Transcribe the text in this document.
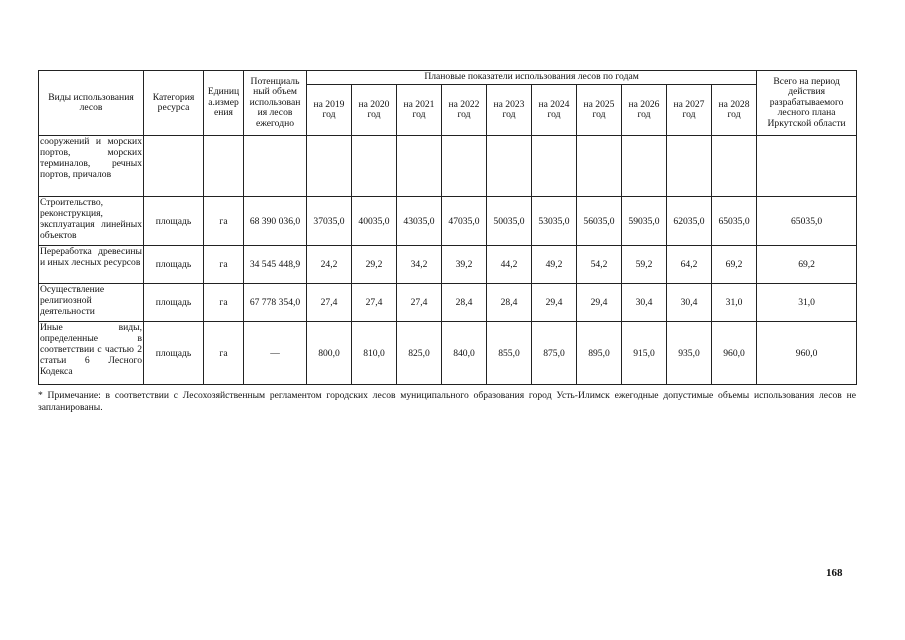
Виды использования лесов	Категория ресурса	Единиц а.измер ения	Потенциаль ный объем использован ия лесов ежегодно	Плановые показатели использования лесов по годам										Всего на период действия разрабатываемого лесного плана Иркутской области
				на 2019 год	на 2020 год	на 2021 год	на 2022 год	на 2023 год	на 2024 год	на 2025 год	на 2026 год	на 2027 год	на 2028 год	
сооружений и морских портов, морских терминалов, речных портов, причалов														
Строительство, реконструкция, эксплуатация линейных объектов	площадь	га	68 390 036,0	37035,0	40035,0	43035,0	47035,0	50035,0	53035,0	56035,0	59035,0	62035,0	65035,0	65035,0
Переработка древесины и иных лесных ресурсов	площадь	га	34 545 448,9	24,2	29,2	34,2	39,2	44,2	49,2	54,2	59,2	64,2	69,2	69,2
Осуществление религиозной деятельности	площадь	га	67 778 354,0	27,4	27,4	27,4	28,4	28,4	29,4	29,4	30,4	30,4	31,0	31,0
Иные виды, определенные в соответствии с частью 2 статьи 6 Лесного Кодекса	площадь	га	—	800,0	810,0	825,0	840,0	855,0	875,0	895,0	915,0	935,0	960,0	960,0
* Примечание: в соответствии с Лесохозяйственным регламентом городских лесов муниципального образования город Усть-Илимск ежегодные допустимые объемы использования лесов не запланированы.
168
